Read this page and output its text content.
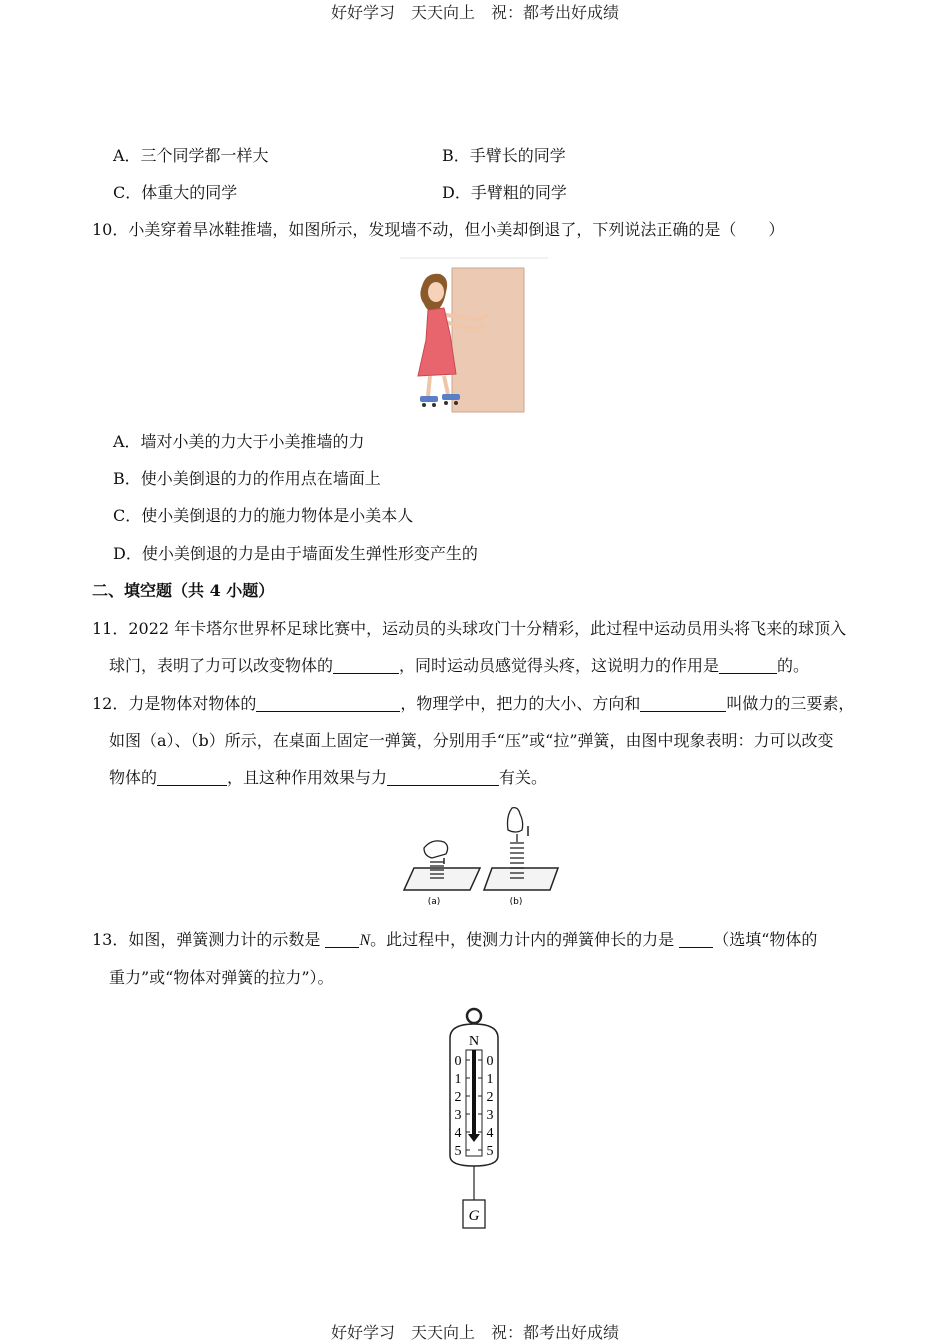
好好学习　天天向上　祝：都考出好成绩
A．三个同学都一样大	B．手臂长的同学
C．体重大的同学	D．手臂粗的同学
10．小美穿着旱冰鞋推墙，如图所示，发现墙不动，但小美却倒退了，下列说法正确的是（　　）
A．墙对小美的力大于小美推墙的力
B．使小美倒退的力的作用点在墙面上
C．使小美倒退的力的施力物体是小美本人
D．使小美倒退的力是由于墙面发生弹性形变产生的
二、填空题（共 4 小题）
11．2022 年卡塔尔世界杯足球比赛中，运动员的头球攻门十分精彩，此过程中运动员用头将飞来的球顶入
球门，表明了力可以改变物体的	，同时运动员感觉得头疼，这说明力的作用是	的。
12．力是物体对物体的	，物理学中，把力的大小、方向和	叫做力的三要素，
如图（a）、（b）所示，在桌面上固定一弹簧，分别用手“压”或“拉”弹簧，由图中现象表明：力可以改变
物体的	，且这种作用效果与力	有关。
(a)	(b)
13．如图，弹簧测力计的示数是 N。此过程中，使测力计内的弹簧伸长的力是 （选填“物体的
重力”或“物体对弹簧的拉力”）。
N
0
1
2
3
4
5
0
1
2
3
4
5
G
好好学习　天天向上　祝：都考出好成绩
